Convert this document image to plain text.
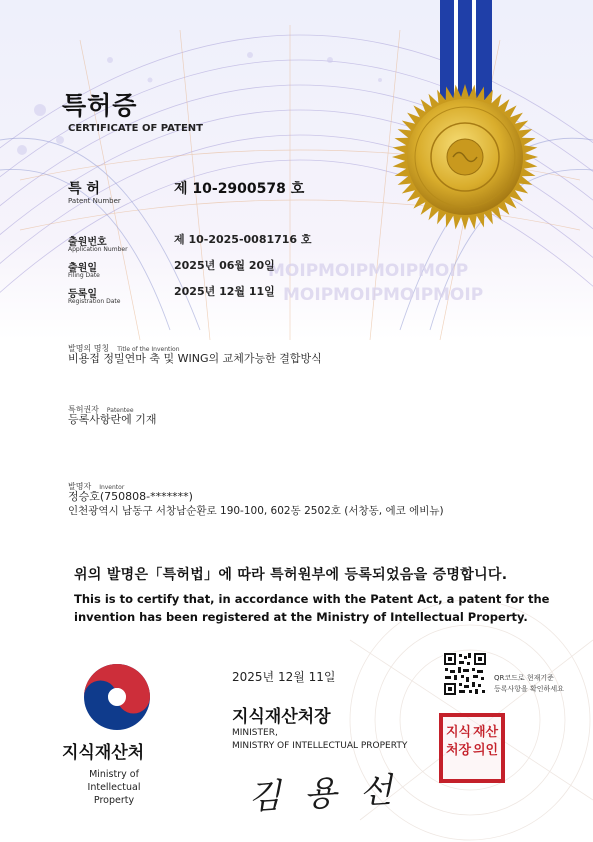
MOIP MOIP MOIP MOIP
MOIP MOIP MOIP MOIP
특허증
CERTIFICATE OF PATENT
특 허
Patent Number
제 10-2900578 호
출원번호
Application Number
제 10-2025-0081716 호
출원일
Filing Date
2025년 06월 20일
등록일
Registration Date
2025년 12월 11일
발명의 명칭 Title of the Invention
비용접 정밀연마 축 및 WING의 교체가능한 결합방식
특허권자 Patentee
등록사항란에 기재
발명자 Inventor
정승호(750808-*******)
인천광역시 남동구 서창남순환로 190-100, 602동 2502호 (서창동, 에코 에비뉴)
위의 발명은「특허법」에 따라 특허원부에 등록되었음을 증명합니다.
This is to certify that, in accordance with the Patent Act, a patent for the invention has been registered at the Ministry of Intellectual Property.
지식재산처
Ministry of
Intellectual Property
2025년 12월 11일
지식재산처장
MINISTER,
MINISTRY OF INTELLECTUAL PROPERTY
김 용 선
지식 재산
처장 의인
QR코드로 현재기준
등록사항을 확인하세요
